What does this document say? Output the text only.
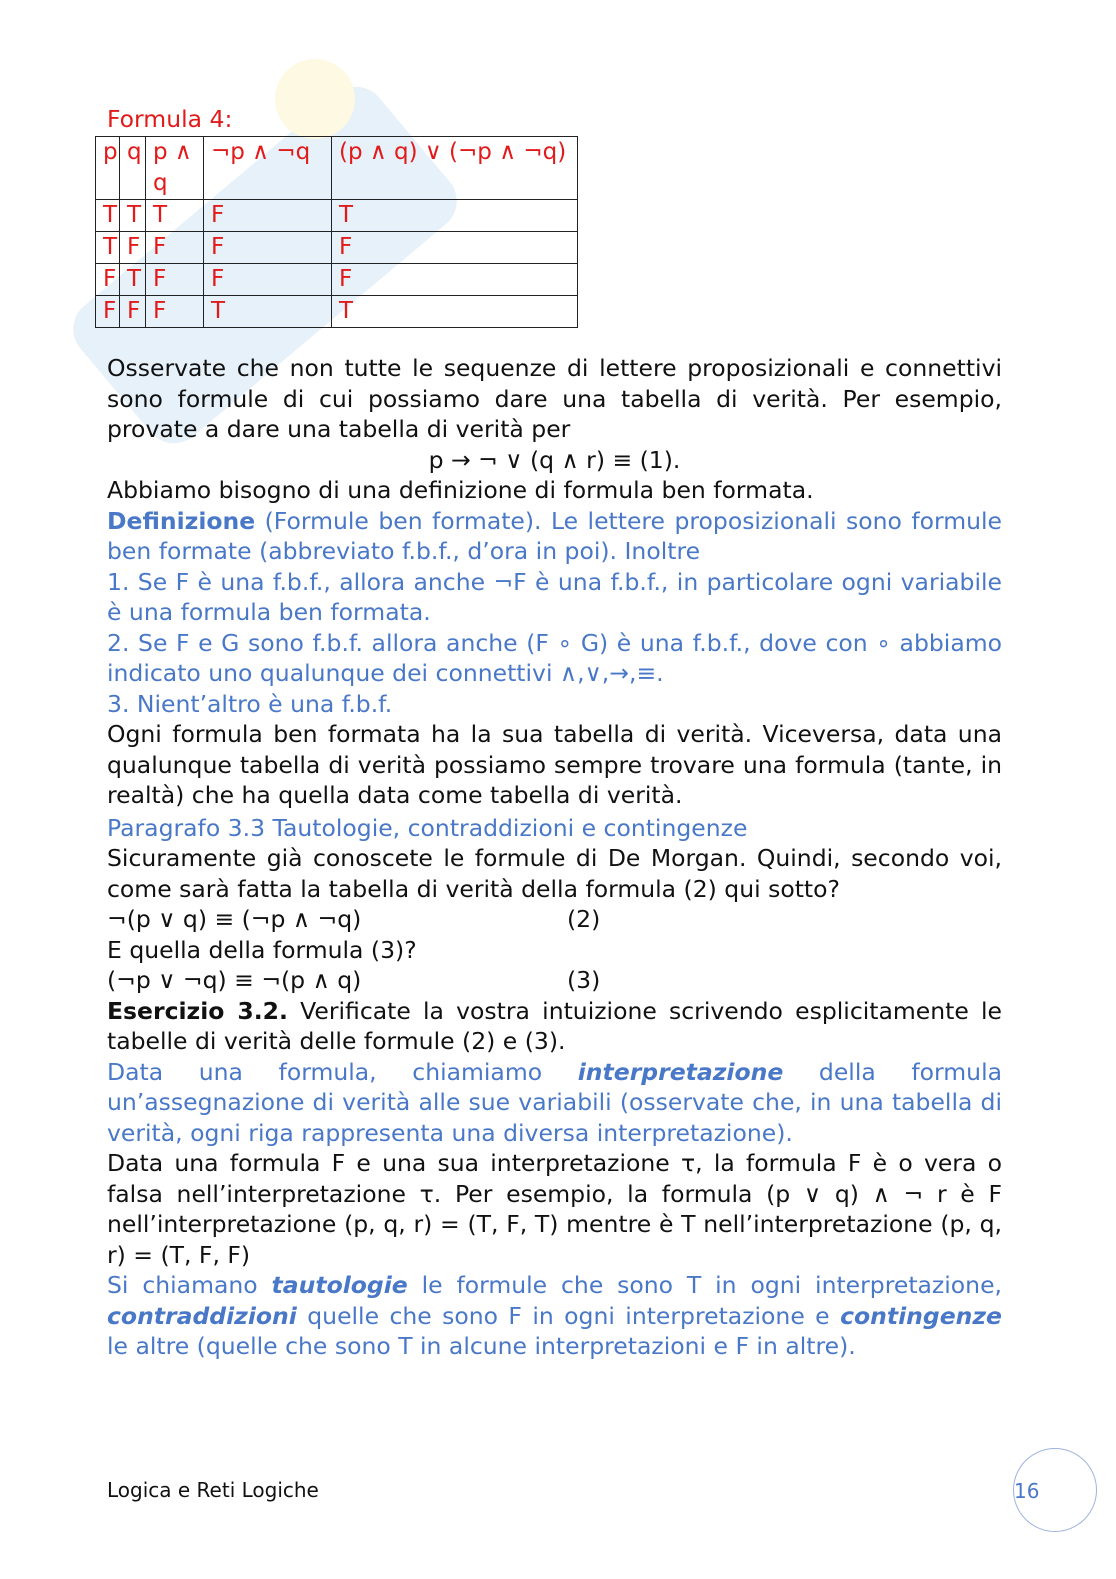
Formula 4:

p	q	p ∧ q	¬p ∧ ¬q	(p ∧ q) ∨ (¬p ∧ ¬q)
T	T	T	F	T
T	F	F	F	F
F	T	F	F	F
F	F	F	T	T

Osservate che non tutte le sequenze di lettere proposizionali e connettivi sono formule di cui possiamo dare una tabella di verità. Per esempio, provate a dare una tabella di verità per

p → ¬ ∨ (q ∧ r) ≡ (1).

Abbiamo bisogno di una definizione di formula ben formata.

Definizione (Formule ben formate). Le lettere proposizionali sono formule ben formate (abbreviato f.b.f., d’ora in poi). Inoltre

1. Se F è una f.b.f., allora anche ¬F è una f.b.f., in particolare ogni variabile è una formula ben formata.

2. Se F e G sono f.b.f. allora anche (F ∘ G) è una f.b.f., dove con ∘ abbiamo indicato uno qualunque dei connettivi ∧,∨,→,≡.

3. Nient’altro è una f.b.f.

Ogni formula ben formata ha la sua tabella di verità. Viceversa, data una qualunque tabella di verità possiamo sempre trovare una formula (tante, in realtà) che ha quella data come tabella di verità.

Paragrafo 3.3 Tautologie, contraddizioni e contingenze

Sicuramente già conoscete le formule di De Morgan. Quindi, secondo voi, come sarà fatta la tabella di verità della formula (2) qui sotto?

¬(p ∨ q) ≡ (¬p ∧ ¬q)	(2)

E quella della formula (3)?

(¬p ∨ ¬q) ≡ ¬(p ∧ q)	(3)

Esercizio 3.2. Verificate la vostra intuizione scrivendo esplicitamente le tabelle di verità delle formule (2) e (3).

Data una formula, chiamiamo interpretazione della formula un’assegnazione di verità alle sue variabili (osservate che, in una tabella di verità, ogni riga rappresenta una diversa interpretazione).

Data una formula F e una sua interpretazione τ, la formula F è o vera o falsa nell’interpretazione τ. Per esempio, la formula (p ∨ q) ∧ ¬ r è F nell’interpretazione (p, q, r) = (T, F, T) mentre è T nell’interpretazione (p, q, r) = (T, F, F)

Si chiamano tautologie le formule che sono T in ogni interpretazione, contraddizioni quelle che sono F in ogni interpretazione e contingenze le altre (quelle che sono T in alcune interpretazioni e F in altre).

Logica e Reti Logiche	16
